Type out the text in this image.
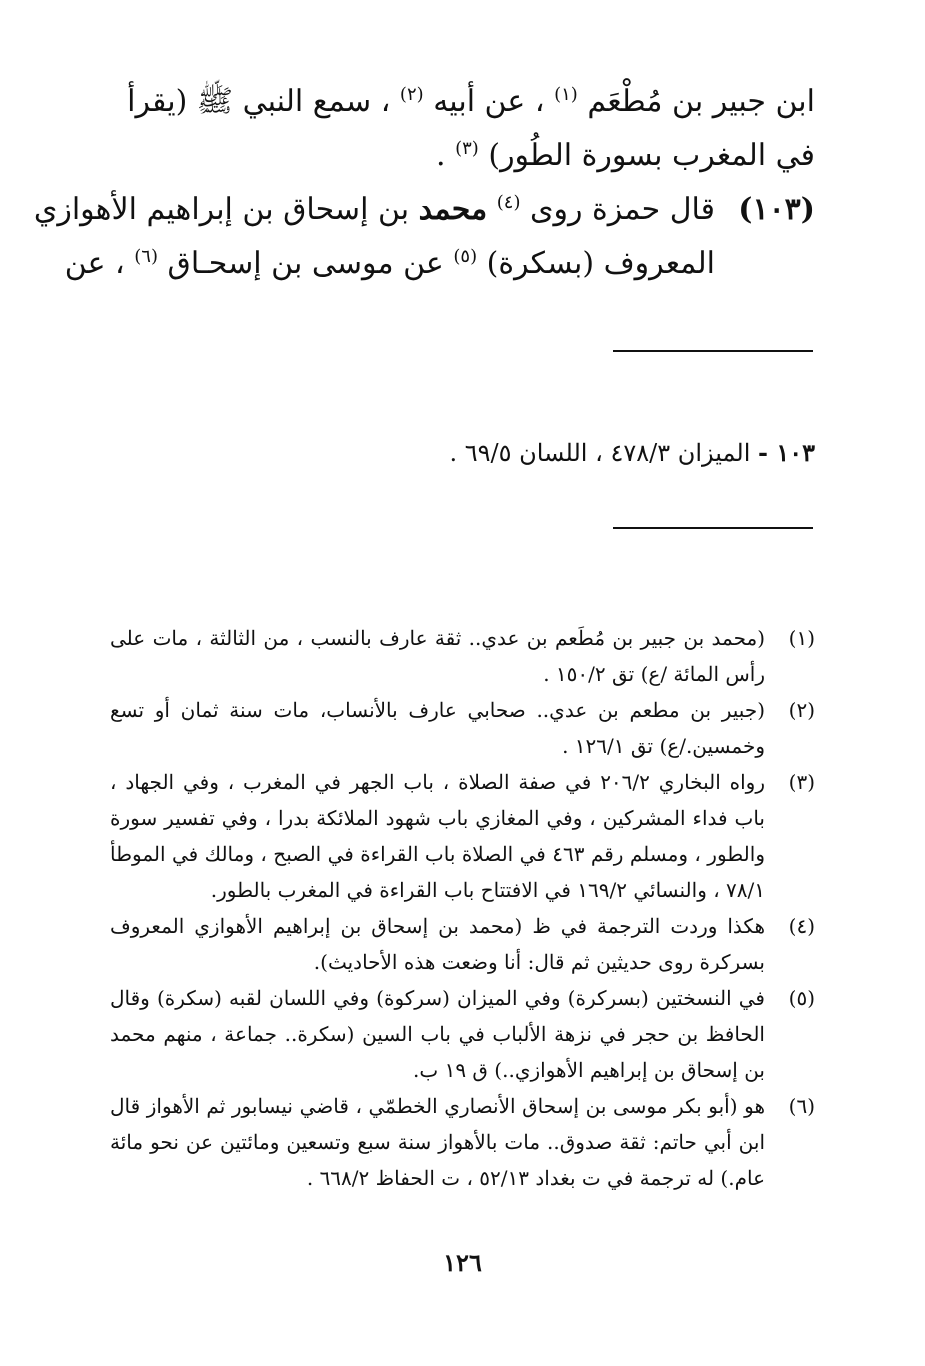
ابن جبير بن مُطْعَم $^{(١)}$ ، عن أبيه $^{(٢)}$ ، سمع النبي ﷺ (يقرأ
في المغرب بسورة الطُور) $^{(٣)}$ .
(١٠٣)
قال حمزة روى $^{(٤)}$ محمد بن إسحاق بن إبراهيم الأهوازي
المعروف (بسكرة) $^{(٥)}$ عن موسى بن إسحـاق $^{(٦)}$ ، عن
١٠٣ - الميزان ٤٧٨/٣ ، اللسان ٦٩/٥ .
(١)
(محمد بن جبير بن مُطَعم بن عدي.. ثقة عارف بالنسب ، من الثالثة ، مات على رأس المائة /ع) تق ١٥٠/٢ .
(٢)
(جبير بن مطعم بن عدي.. صحابي عارف بالأنساب، مات سنة ثمان أو تسع وخمسين./ع) تق ١٢٦/١ .
(٣)
رواه البخاري ٢٠٦/٢ في صفة الصلاة ، باب الجهر في المغرب ، وفي الجهاد ، باب فداء المشركين ، وفي المغازي باب شهود الملائكة بدرا ، وفي تفسير سورة والطور ، ومسلم رقم ٤٦٣ في الصلاة باب القراءة في الصبح ، ومالك في الموطأ ٧٨/١ ، والنسائي ١٦٩/٢ في الافتتاح باب القراءة في المغرب بالطور.
(٤)
هكذا وردت الترجمة في ظ (محمد بن إسحاق بن إبراهيم الأهوازي المعروف بسركرة روى حديثين ثم قال: أنا وضعت هذه الأحاديث).
(٥)
في النسختين (بسركرة) وفي الميزان (سركوة) وفي اللسان لقبه (سكرة) وقال الحافظ بن حجر في نزهة الألباب في باب السين (سكرة.. جماعة ، منهم محمد بن إسحاق بن إبراهيم الأهوازي..) ق ١٩ ب.
(٦)
هو (أبو بكر موسى بن إسحاق الأنصاري الخطمّي ، قاضي نيسابور ثم الأهواز قال ابن أبي حاتم: ثقة صدوق.. مات بالأهواز سنة سبع وتسعين ومائتين عن نحو مائة عام.) له ترجمة في ت بغداد ٥٢/١٣ ، ت الحفاظ ٦٦٨/٢ .
١٢٦
